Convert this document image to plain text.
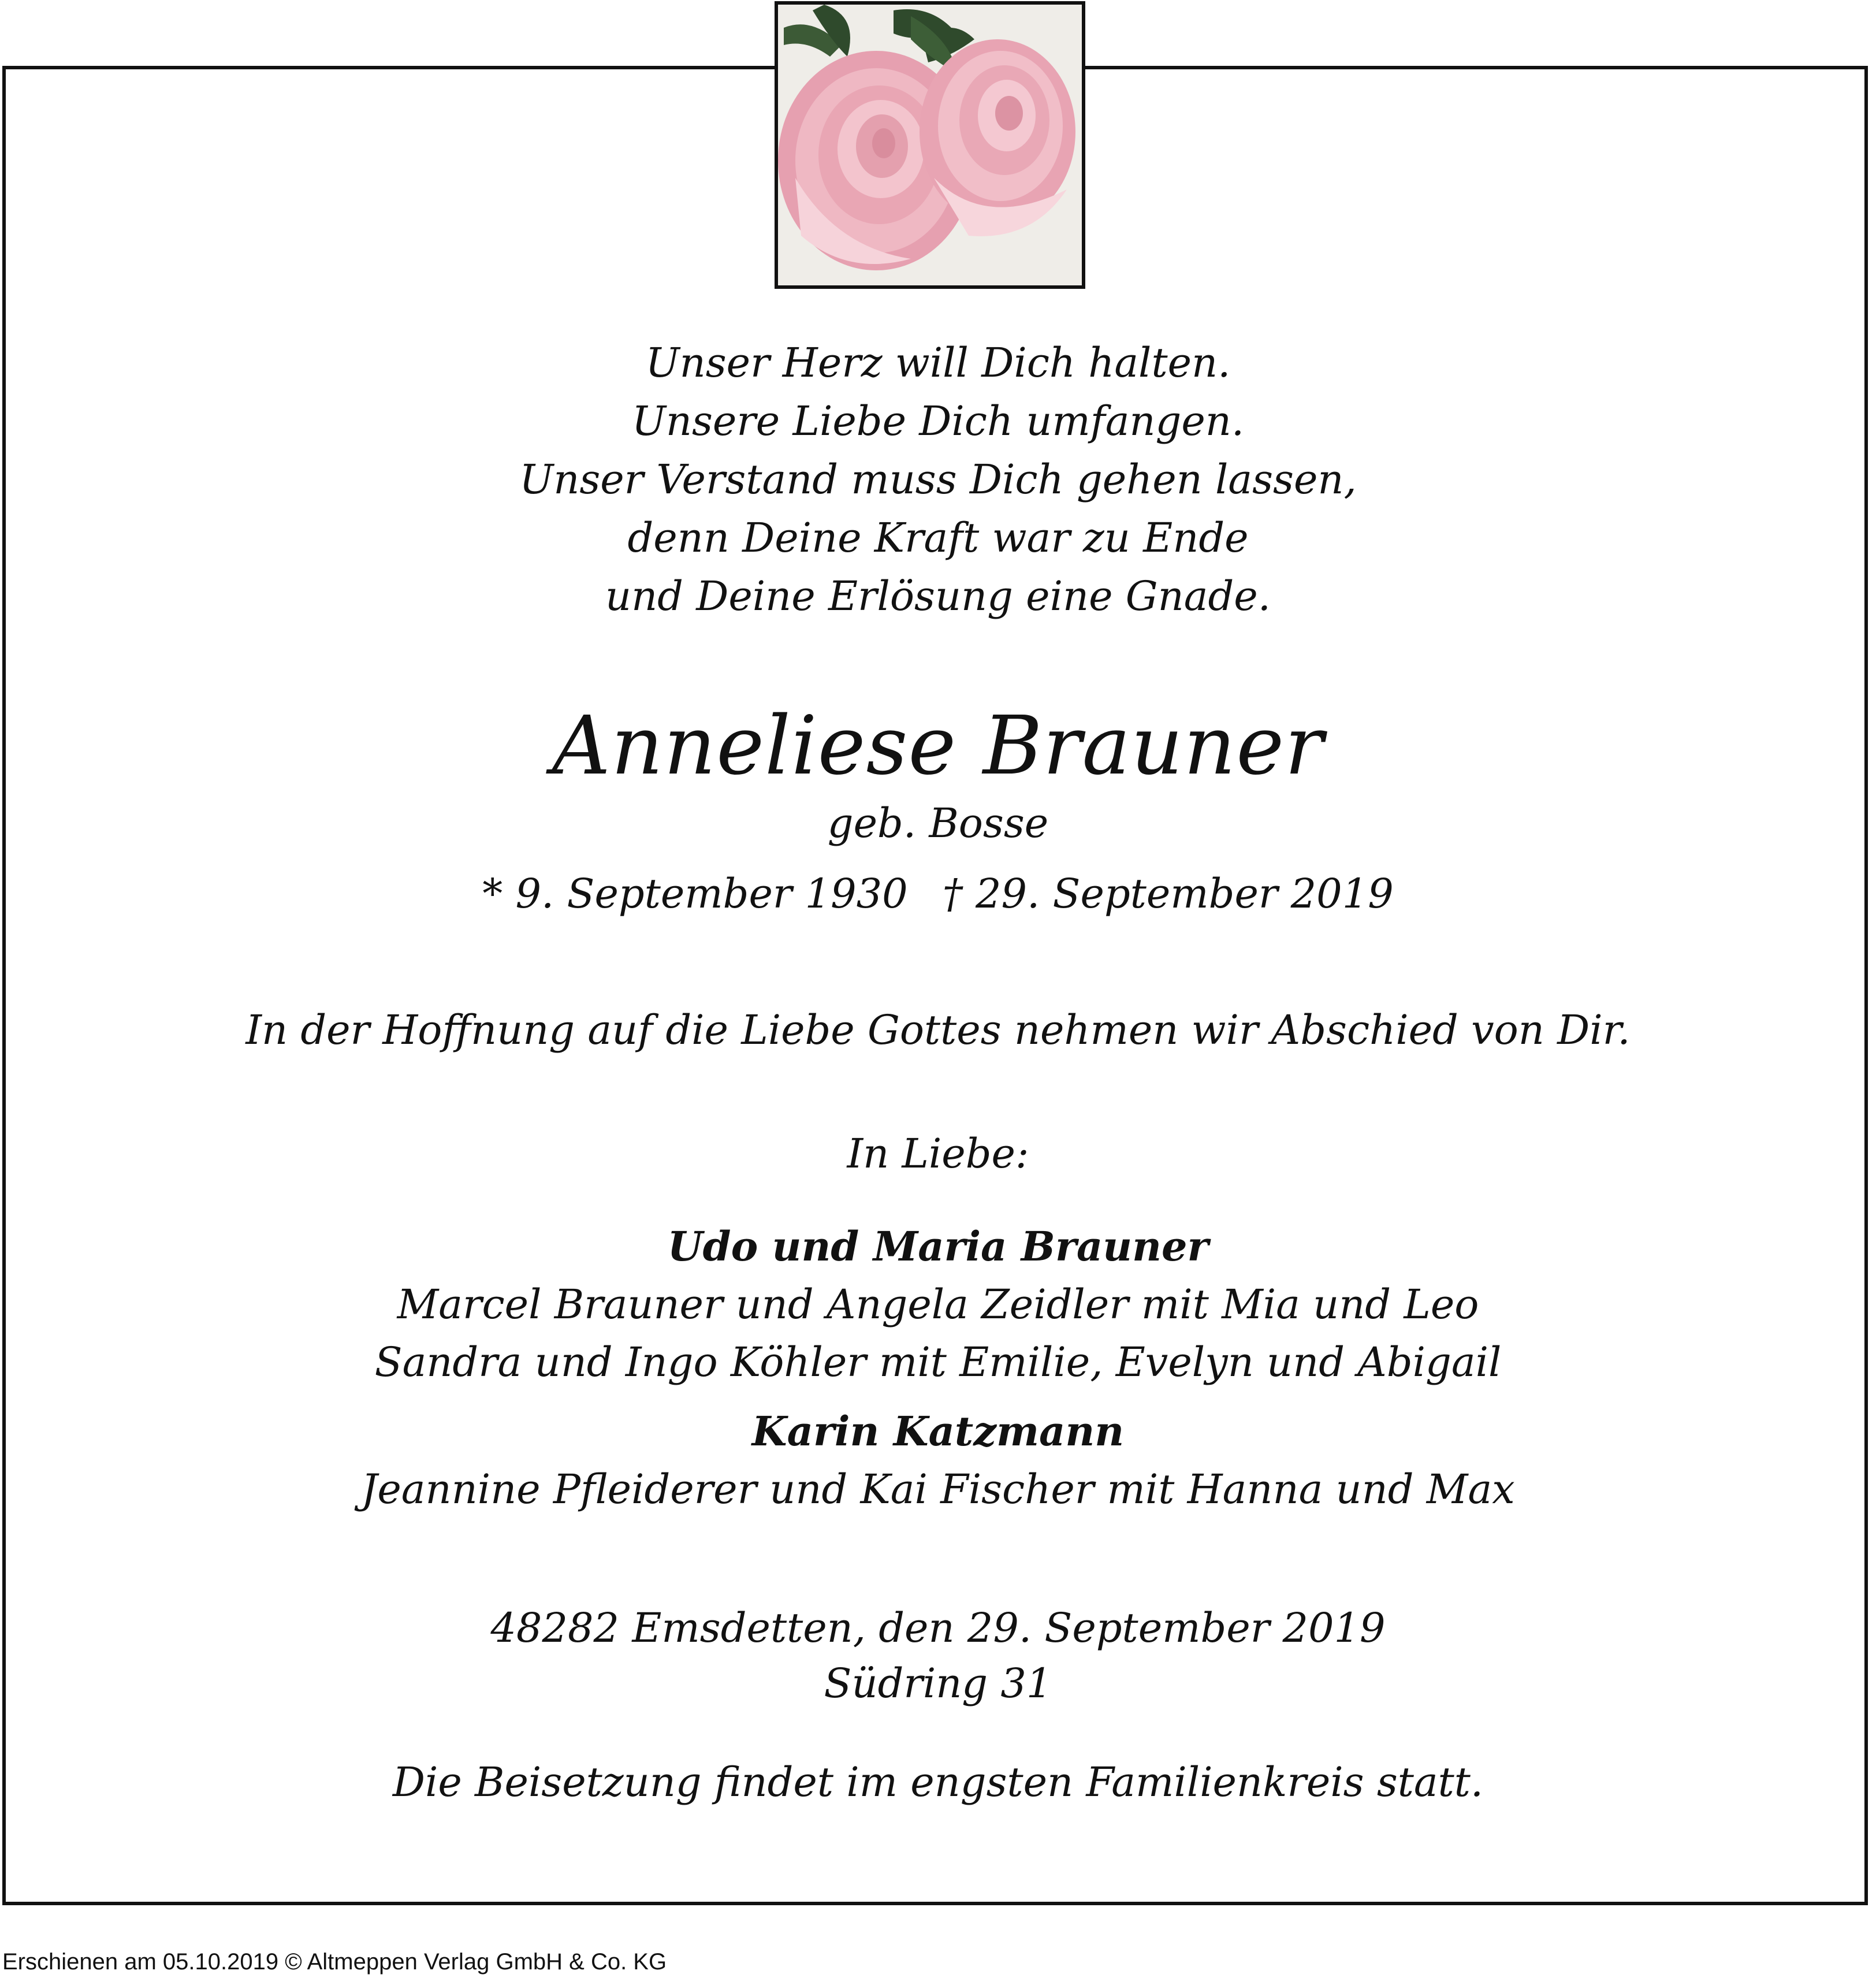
Unser Herz will Dich halten.
Unsere Liebe Dich umfangen.
Unser Verstand muss Dich gehen lassen,
denn Deine Kraft war zu Ende
und Deine Erlösung eine Gnade.
Anneliese Brauner
geb. Bosse
* 9. September 1930 † 29. September 2019
In der Hoffnung auf die Liebe Gottes nehmen wir Abschied von Dir.
In Liebe:
Udo und Maria Brauner
Marcel Brauner und Angela Zeidler mit Mia und Leo
Sandra und Ingo Köhler mit Emilie, Evelyn und Abigail
Karin Katzmann
Jeannine Pfleiderer und Kai Fischer mit Hanna und Max
48282 Emsdetten, den 29. September 2019
Südring 31
Die Beisetzung findet im engsten Familienkreis statt.
Erschienen am 05.10.2019 © Altmeppen Verlag GmbH & Co. KG
